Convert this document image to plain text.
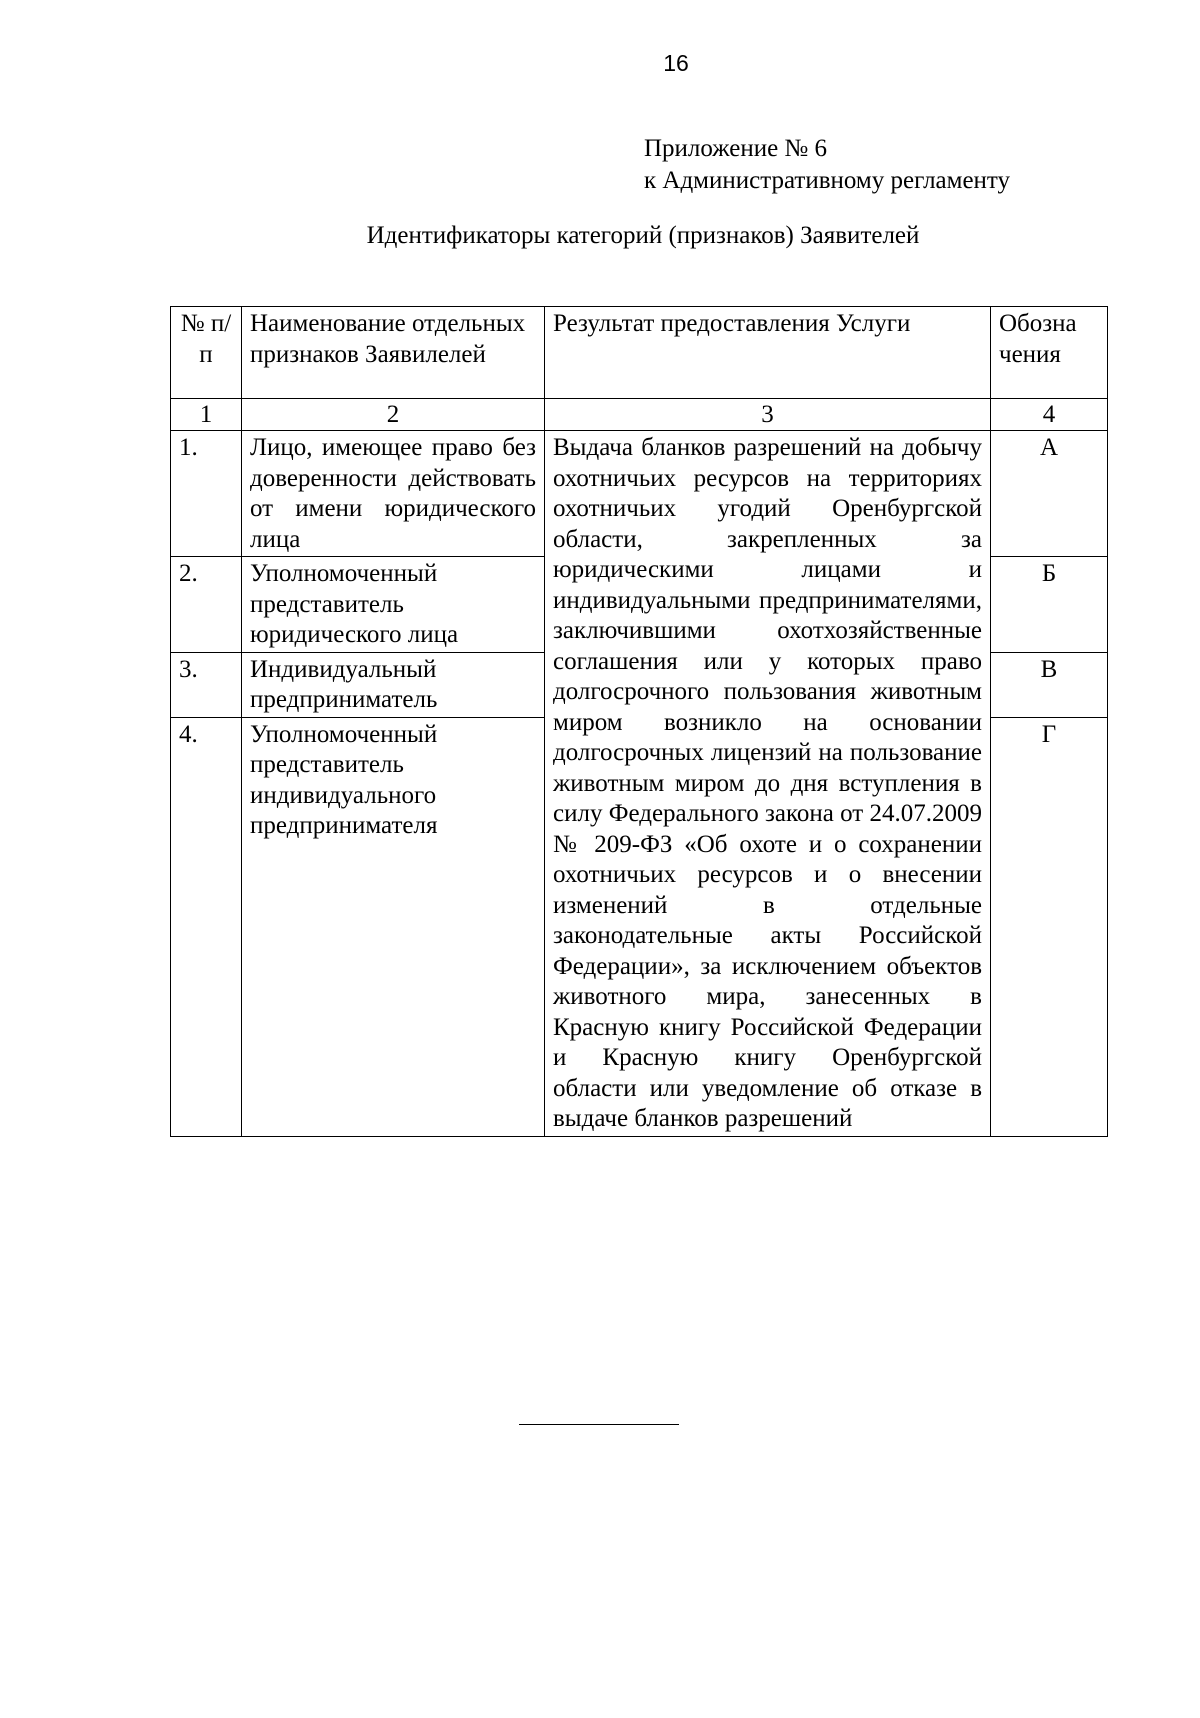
16
Приложение № 6
к Административному регламенту
Идентификаторы категорий (признаков) Заявителей
№ п/п	Наименование отдельных признаков Заявилелей	Результат предоставления Услуги	Обозна чения
1	2	3	4
1.	Лицо, имеющее право без доверенности действовать от имени юридического лица	Выдача бланков разрешений на добычу охотничьих ресурсов на территориях охотничьих угодий Оренбургской области, закрепленных за юридическими лицами и индивидуальными предпринимателями, заключившими охотхозяйственные соглашения или у которых право долгосрочного пользования животным миром возникло на основании долгосрочных лицензий на пользование животным миром до дня вступления в силу Федерального закона от 24.07.2009 № 209-ФЗ «Об охоте и о сохранении охотничьих ресурсов и о внесении изменений в отдельные законодательные акты Российской Федерации», за исключением объектов животного мира, занесенных в Красную книгу Российской Федерации и Красную книгу Оренбургской области или уведомление об отказе в выдаче бланков разрешений	А
2.	Уполномоченный представитель юридического лица		Б
3.	Индивидуальный предприниматель		В
4.	Уполномоченный представитель индивидуального предпринимателя		Г
